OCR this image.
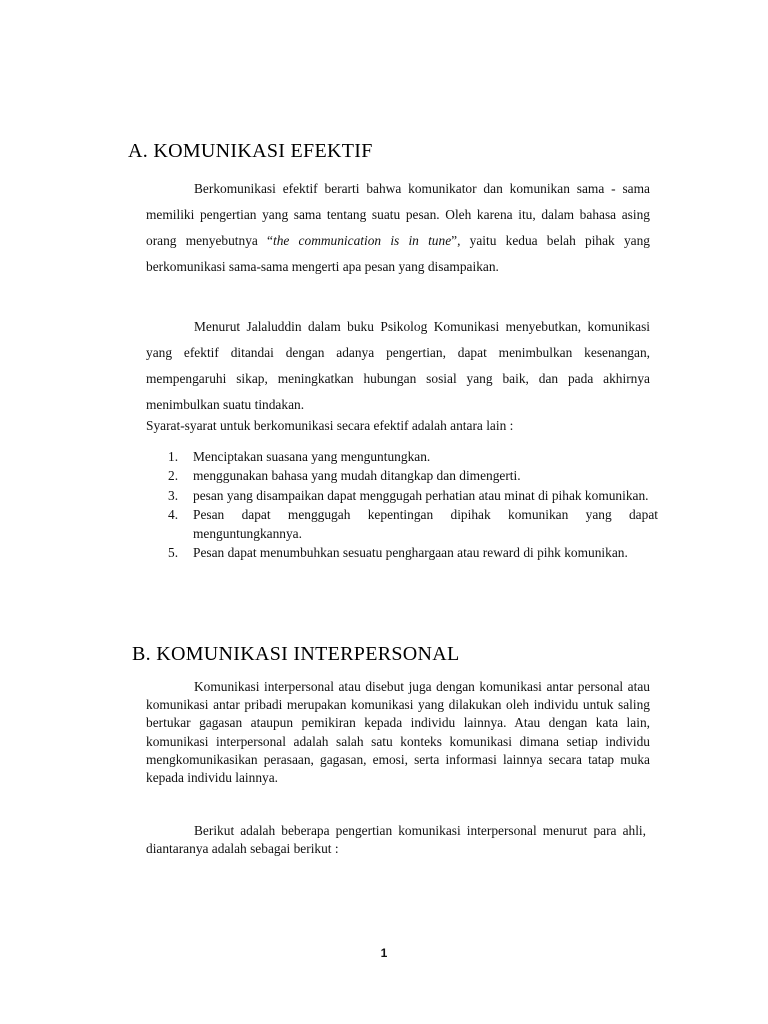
A. KOMUNIKASI EFEKTIF

Berkomunikasi efektif berarti bahwa komunikator dan komunikan sama - sama memiliki pengertian yang sama tentang suatu pesan. Oleh karena itu, dalam bahasa asing orang menyebutnya “the communication is in tune”, yaitu kedua belah pihak yang berkomunikasi sama-sama mengerti apa pesan yang disampaikan.

Menurut Jalaluddin dalam buku Psikolog Komunikasi menyebutkan, komunikasi yang efektif ditandai dengan adanya pengertian, dapat menimbulkan kesenangan, mempengaruhi sikap, meningkatkan hubungan sosial yang baik, dan pada akhirnya menimbulkan suatu tindakan.

Syarat-syarat untuk berkomunikasi secara efektif adalah antara lain :

1. Menciptakan suasana yang menguntungkan.
2. menggunakan bahasa yang mudah ditangkap dan dimengerti.
3. pesan yang disampaikan dapat menggugah perhatian atau minat di pihak komunikan.
4. Pesan dapat menggugah kepentingan dipihak komunikan yang dapat menguntungkannya.
5. Pesan dapat menumbuhkan sesuatu penghargaan atau reward di pihk komunikan.
B. KOMUNIKASI INTERPERSONAL

Komunikasi interpersonal atau disebut juga dengan komunikasi antar personal atau komunikasi antar pribadi merupakan komunikasi yang dilakukan oleh individu untuk saling bertukar gagasan ataupun pemikiran kepada individu lainnya. Atau dengan kata lain, komunikasi interpersonal adalah salah satu konteks komunikasi dimana setiap individu mengkomunikasikan perasaan, gagasan, emosi, serta informasi lainnya secara tatap muka kepada individu lainnya.

Berikut adalah beberapa pengertian komunikasi interpersonal menurut para ahli, diantaranya adalah sebagai berikut :

1
